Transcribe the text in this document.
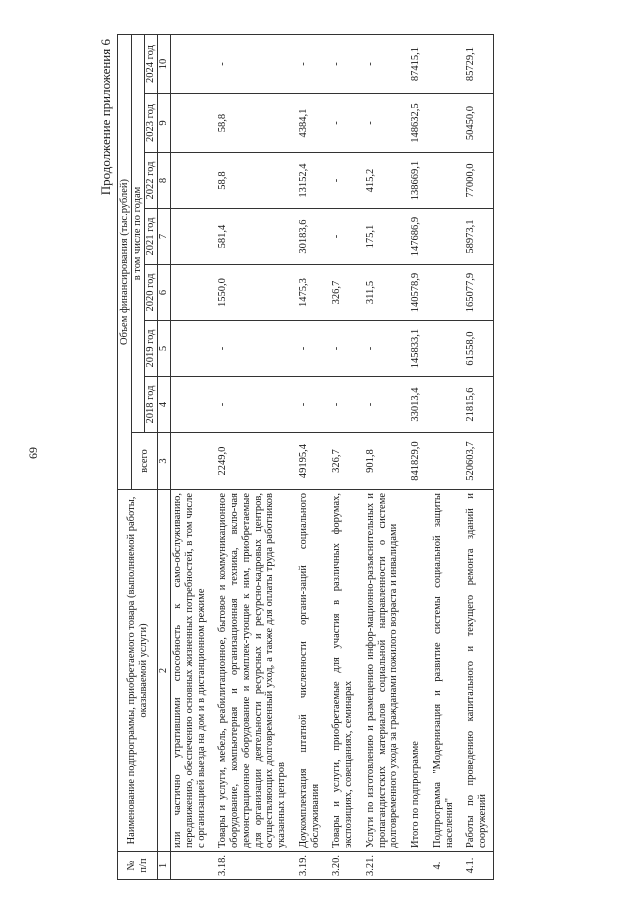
69
Продолжение приложения 6

№ п/п	Наименование подпрограммы, приобретаемого товара (выполняемой работы, оказываемой услуги)	Объем финансирования (тыс.рублей)							
		всего	в том числе по годам						

			2018 год	2019 год	2020 год	2021 год	2022 год	2023 год	2024 год
1	2	3	4	5	6	7	8	9	10
	или частично утратившими способность к само-обслуживанию, передвижению, обеспечению основных жизненных потребностей, в том числе с организацией выезда на дом и в дистанционном режиме								
3.18.	Товары и услуги, мебель, реабилитационное, бытовое и коммуникационное оборудование, компьютерная и организационная техника, вклю-чая демонстрационное оборудование и комплек-тующие к ним, приобретаемые для организации деятельности ресурсных и ресурсно-кадровых центров, осуществляющих долговременный уход, а также для оплаты труда работников указанных центров	2249,0	-	-	1550,0	581,4	58,8	58,8	-
3.19.	Доукомплектация штатной численности органи-заций социального обслуживания	49195,4	-	-	1475,3	30183,6	13152,4	4384,1	-
3.20.	Товары и услуги, приобретаемые для участия в различных форумах, экспозициях, совещаниях, семинарах	326,7	-	-	326,7	-	-	-	-
3.21.	Услуги по изготовлению и размещению инфор-мационно-разъяснительных и пропагандистских материалов социальной направленности о системе долговременного ухода за гражданами пожилого возраста и инвалидами	901,8	-	-	311,5	175,1	415,2	-	-
	Итого по подпрограмме	841829,0	33013,4	145833,1	140578,9	147686,9	138669,1	148632,5	87415,1
4.	Подпрограмма "Модернизация и развитие системы социальной защиты населения"								
4.1.	Работы по проведению капитального и текущего ремонта зданий и сооружений	520603,7	21815,6	61558,0	165077,9	58973,1	77000,0	50450,0	85729,1
